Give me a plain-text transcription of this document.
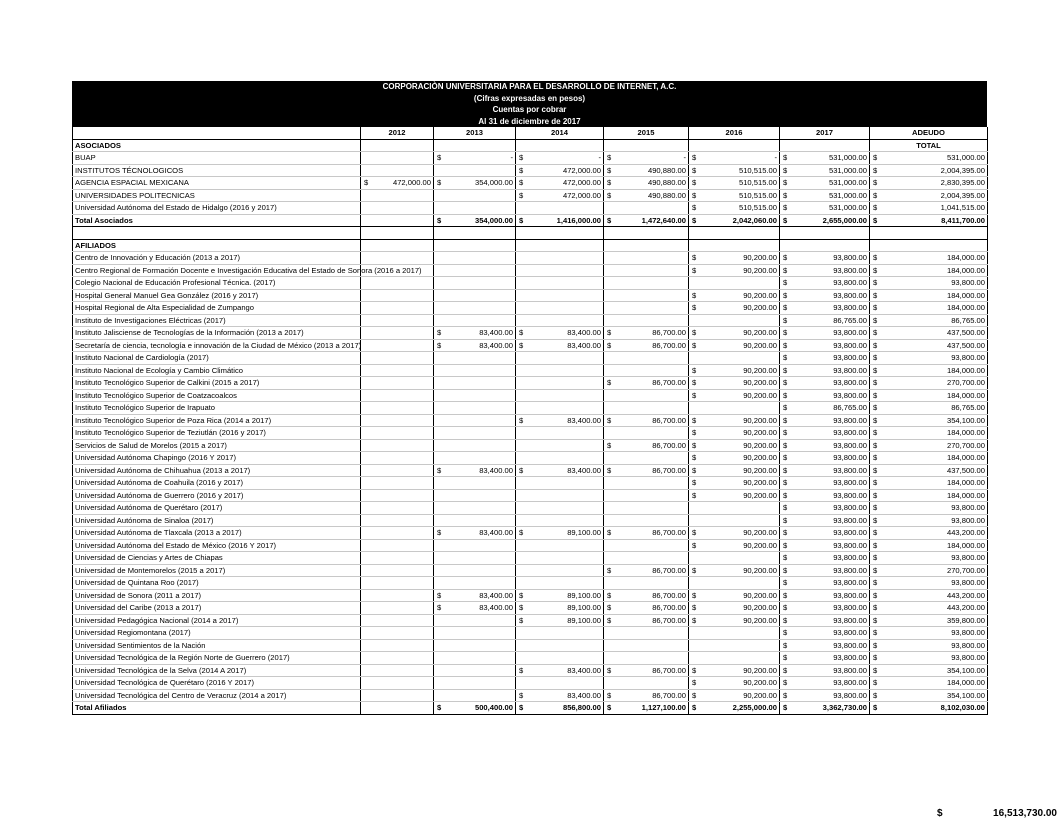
CORPORACIÒN UNIVERSITARIA PARA EL DESARROLLO DE INTERNET, A.C.
(Cifras expresadas en pesos)
Cuentas por cobrar
Al 31 de diciembre de 2017
	2012	2013	2014	2015	2016	2017	ADEUDO
ASOCIADOS							TOTAL
BUAP		$ -	$ -	$ -	$ -	$ 531,000.00	$ 531,000.00

INSTITUTOS TÉCNOLOGICOS			$ 472,000.00	$ 490,880.00	$ 510,515.00	$ 531,000.00	$ 2,004,395.00

AGENCIA ESPACIAL MEXICANA	$ 472,000.00	$ 354,000.00	$ 472,000.00	$ 490,880.00	$ 510,515.00	$ 531,000.00	$ 2,830,395.00

UNIVERSIDADES POLITECNICAS			$ 472,000.00	$ 490,880.00	$ 510,515.00	$ 531,000.00	$ 2,004,395.00

Universidad Autónoma del Estado de Hidalgo (2016 y 2017)					$ 510,515.00	$ 531,000.00	$ 1,041,515.00

Total Asociados		$ 354,000.00	$ 1,416,000.00	$ 1,472,640.00	$ 2,042,060.00	$ 2,655,000.00	$ 8,411,700.00

AFILIADOS							
Centro de Innovación y Educación (2013 a 2017)					$ 90,200.00	$ 93,800.00	$ 184,000.00

Centro Regional de Formación Docente e Investigación Educativa del Estado de Sonora (2016 a 2017)					$ 90,200.00	$ 93,800.00	$ 184,000.00

Colegio Nacional de Educación Profesional Técnica. (2017)						$ 93,800.00	$ 93,800.00

Hospital General Manuel Gea González (2016 y 2017)					$ 90,200.00	$ 93,800.00	$ 184,000.00

Hospital Regional de Alta Especialidad de Zumpango					$ 90,200.00	$ 93,800.00	$ 184,000.00

Instituto de Investigaciones Eléctricas (2017)						$ 86,765.00	$ 86,765.00

Instituto Jalisciense de Tecnologías de la Información (2013 a 2017)		$ 83,400.00	$ 83,400.00	$ 86,700.00	$ 90,200.00	$ 93,800.00	$ 437,500.00

Secretaría de ciencia, tecnología e innovación de la Ciudad de México (2013 a 2017)		$ 83,400.00	$ 83,400.00	$ 86,700.00	$ 90,200.00	$ 93,800.00	$ 437,500.00

Instituto Nacional de Cardiología (2017)						$ 93,800.00	$ 93,800.00

Instituto Nacional de Ecología y Cambio Climático					$ 90,200.00	$ 93,800.00	$ 184,000.00

Instituto Tecnológico Superior de Calkini (2015 a 2017)				$ 86,700.00	$ 90,200.00	$ 93,800.00	$ 270,700.00

Instituto Tecnológico Superior de Coatzacoalcos					$ 90,200.00	$ 93,800.00	$ 184,000.00

Instituto Tecnológico Superior de Irapuato						$ 86,765.00	$ 86,765.00

Instituto Tecnológico Superior de Poza Rica (2014 a 2017)			$ 83,400.00	$ 86,700.00	$ 90,200.00	$ 93,800.00	$ 354,100.00

Instituto Tecnológico Superior de Teziutlán (2016 y 2017)					$ 90,200.00	$ 93,800.00	$ 184,000.00

Servicios de Salud de Morelos (2015 a 2017)				$ 86,700.00	$ 90,200.00	$ 93,800.00	$ 270,700.00

Universidad Autónoma Chapingo (2016 Y 2017)					$ 90,200.00	$ 93,800.00	$ 184,000.00

Universidad Autónoma de Chihuahua (2013 a 2017)		$ 83,400.00	$ 83,400.00	$ 86,700.00	$ 90,200.00	$ 93,800.00	$ 437,500.00

Universidad Autónoma de Coahuila (2016 y 2017)					$ 90,200.00	$ 93,800.00	$ 184,000.00

Universidad Autónoma de Guerrero (2016 y 2017)					$ 90,200.00	$ 93,800.00	$ 184,000.00

Universidad Autónoma de Querétaro (2017)						$ 93,800.00	$ 93,800.00

Universidad Autónoma de Sinaloa (2017)						$ 93,800.00	$ 93,800.00

Universidad Autónoma de Tlaxcala (2013 a 2017)		$ 83,400.00	$ 89,100.00	$ 86,700.00	$ 90,200.00	$ 93,800.00	$ 443,200.00

Universidad Autónoma del Estado de México (2016 Y 2017)					$ 90,200.00	$ 93,800.00	$ 184,000.00

Universidad de Ciencias y Artes de Chiapas						$ 93,800.00	$ 93,800.00

Universidad de Montemorelos (2015 a 2017)				$ 86,700.00	$ 90,200.00	$ 93,800.00	$ 270,700.00

Universidad de Quintana Roo (2017)						$ 93,800.00	$ 93,800.00

Universidad de Sonora (2011 a 2017)		$ 83,400.00	$ 89,100.00	$ 86,700.00	$ 90,200.00	$ 93,800.00	$ 443,200.00

Universidad del Caribe (2013 a 2017)		$ 83,400.00	$ 89,100.00	$ 86,700.00	$ 90,200.00	$ 93,800.00	$ 443,200.00

Universidad Pedagógica Nacional (2014 a 2017)			$ 89,100.00	$ 86,700.00	$ 90,200.00	$ 93,800.00	$ 359,800.00

Universidad Regiomontana (2017)						$ 93,800.00	$ 93,800.00

Universidad Sentimientos de la Nación						$ 93,800.00	$ 93,800.00

Universidad Tecnológica de la Región Norte de Guerrero (2017)						$ 93,800.00	$ 93,800.00

Universidad Tecnológica de la Selva (2014 A 2017)			$ 83,400.00	$ 86,700.00	$ 90,200.00	$ 93,800.00	$ 354,100.00

Universidad Tecnológica de Querétaro (2016 Y 2017)					$ 90,200.00	$ 93,800.00	$ 184,000.00

Universidad Tecnológica del Centro de Veracruz (2014 a 2017)			$ 83,400.00	$ 86,700.00	$ 90,200.00	$ 93,800.00	$ 354,100.00

Total Afiliados		$ 500,400.00	$ 856,800.00	$ 1,127,100.00	$ 2,255,000.00	$ 3,362,730.00	$ 8,102,030.00
$	16,513,730.00
